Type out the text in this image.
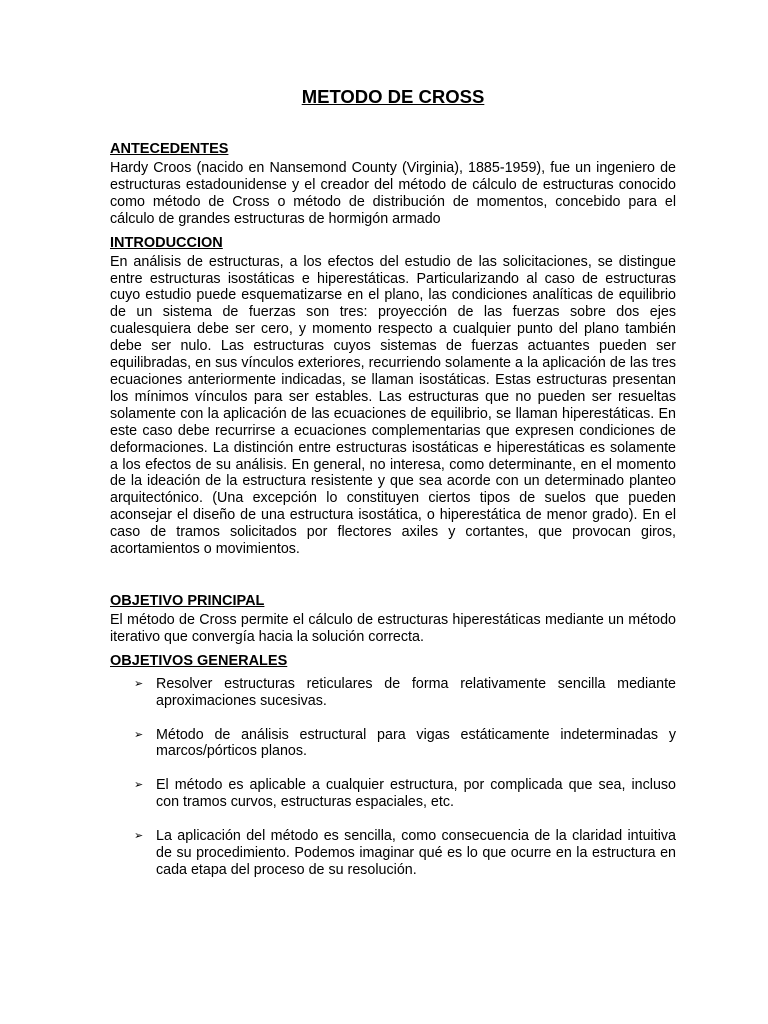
METODO DE CROSS
ANTECEDENTES

Hardy Croos (nacido en Nansemond County (Virginia), 1885-1959), fue un ingeniero de estructuras estadounidense y el creador del método de cálculo de estructuras conocido como método de Cross o método de distribución de momentos, concebido para el cálculo de grandes estructuras de hormigón armado

INTRODUCCION

En análisis de estructuras, a los efectos del estudio de las solicitaciones, se distingue entre estructuras isostáticas e hiperestáticas. Particularizando al caso de estructuras cuyo estudio puede esquematizarse en el plano, las condiciones analíticas de equilibrio de un sistema de fuerzas son tres: proyección de las fuerzas sobre dos ejes cualesquiera debe ser cero, y momento respecto a cualquier punto del plano también debe ser nulo. Las estructuras cuyos sistemas de fuerzas actuantes pueden ser equilibradas, en sus vínculos exteriores, recurriendo solamente a la aplicación de las tres ecuaciones anteriormente indicadas, se llaman isostáticas. Estas estructuras presentan los mínimos vínculos para ser estables. Las estructuras que no pueden ser resueltas solamente con la aplicación de las ecuaciones de equilibrio, se llaman hiperestáticas. En este caso debe recurrirse a ecuaciones complementarias que expresen condiciones de deformaciones. La distinción entre estructuras isostáticas e hiperestáticas es solamente a los efectos de su análisis. En general, no interesa, como determinante, en el momento de la ideación de la estructura resistente y que sea acorde con un determinado planteo arquitectónico. (Una excepción lo constituyen ciertos tipos de suelos que pueden aconsejar el diseño de una estructura isostática, o hiperestática de menor grado). En el caso de tramos solicitados por flectores axiles y cortantes, que provocan giros, acortamientos o movimientos.

OBJETIVO PRINCIPAL

El método de Cross permite el cálculo de estructuras hiperestáticas mediante un método iterativo que convergía hacia la solución correcta.

OBJETIVOS GENERALES
➢ Resolver estructuras reticulares de forma relativamente sencilla mediante aproximaciones sucesivas.
➢ Método de análisis estructural para vigas estáticamente indeterminadas y marcos/pórticos planos.
➢ El método es aplicable a cualquier estructura, por complicada que sea, incluso con tramos curvos, estructuras espaciales, etc.
➢ La aplicación del método es sencilla, como consecuencia de la claridad intuitiva de su procedimiento. Podemos imaginar qué es lo que ocurre en la estructura en cada etapa del proceso de su resolución.
